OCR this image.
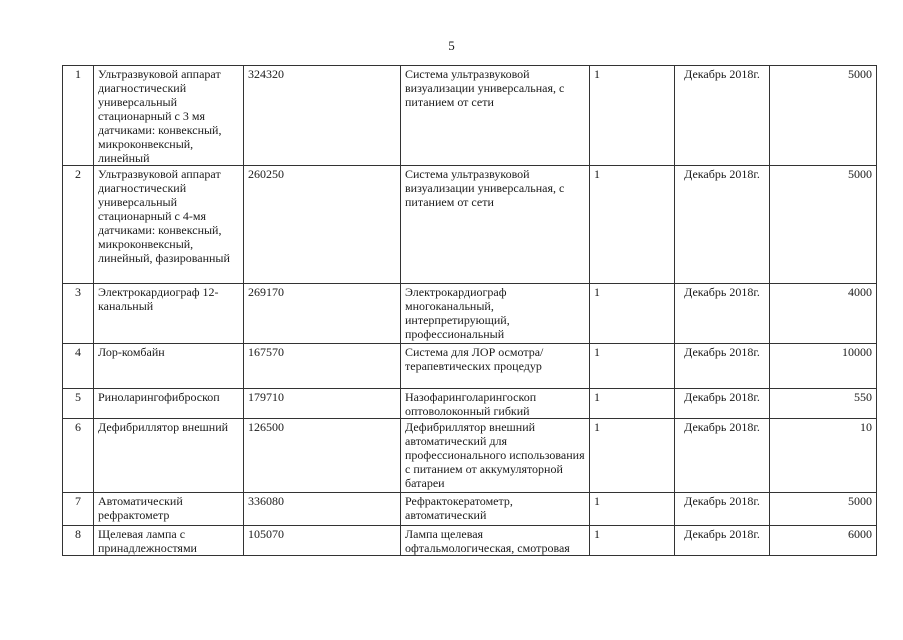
5
1	Ультразвуковой аппарат диагностический универсальный стационарный с 3 мя датчиками: конвексный, микроконвексный, линейный	324320	Система ультразвуковой визуализации универсальная, с питанием от сети	1	Декабрь 2018г.	5000
2	Ультразвуковой аппарат диагностический универсальный стационарный с 4-мя датчиками: конвексный, микроконвексный, линейный, фазированный	260250	Система ультразвуковой визуализации универсальная, с питанием от сети	1	Декабрь 2018г.	5000
3	Электрокардиограф 12-канальный	269170	Электрокардиограф многоканальный, интерпретирующий, профессиональный	1	Декабрь 2018г.	4000
4	Лор-комбайн	167570	Система для ЛОР осмотра/терапевтических процедур	1	Декабрь 2018г.	10000
5	Риноларингофиброскоп	179710	Назофаринголарингоскоп оптоволоконный гибкий	1	Декабрь 2018г.	550
6	Дефибриллятор внешний	126500	Дефибриллятор внешний автоматический для профессионального использования с питанием от аккумуляторной батареи	1	Декабрь 2018г.	10
7	Автоматический рефрактометр	336080	Рефрактокератометр, автоматический	1	Декабрь 2018г.	5000
8	Щелевая лампа с принадлежностями	105070	Лампа щелевая офтальмологическая, смотровая	1	Декабрь 2018г.	6000
